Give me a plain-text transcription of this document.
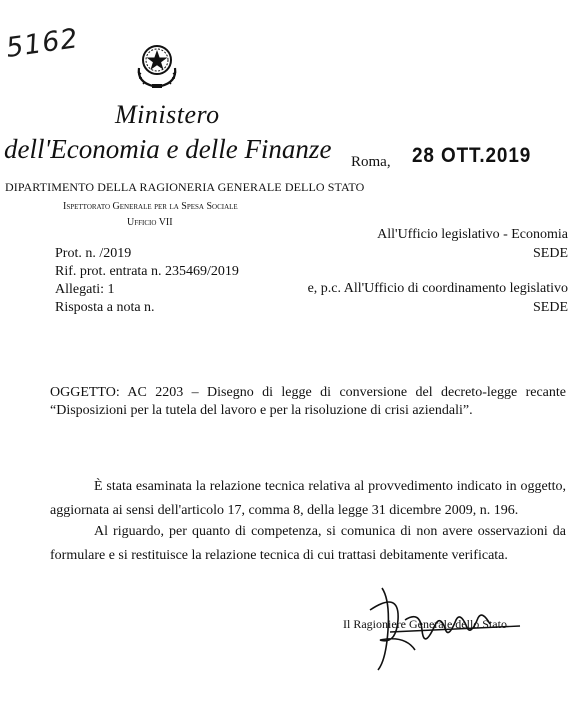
5162
Ministero
dell'Economia e delle Finanze Roma, 28 OTT.2019
DIPARTIMENTO DELLA RAGIONERIA GENERALE DELLO STATO
Ispettorato Generale per la Spesa Sociale
Ufficio VII
All'Ufficio legislativo - Economia
SEDE
e, p.c. All'Ufficio di coordinamento legislativo
SEDE
Prot. n. /2019
Rif. prot. entrata n. 235469/2019
Allegati: 1
Risposta a nota n.
OGGETTO: AC 2203 – Disegno di legge di conversione del decreto-legge recante “Disposizioni per la tutela del lavoro e per la risoluzione di crisi aziendali”.
È stata esaminata la relazione tecnica relativa al provvedimento indicato in oggetto, aggiornata ai sensi dell'articolo 17, comma 8, della legge 31 dicembre 2009, n. 196.
Al riguardo, per quanto di competenza, si comunica di non avere osservazioni da formulare e si restituisce la relazione tecnica di cui trattasi debitamente verificata.
Il Ragioniere Generale dello Stato
